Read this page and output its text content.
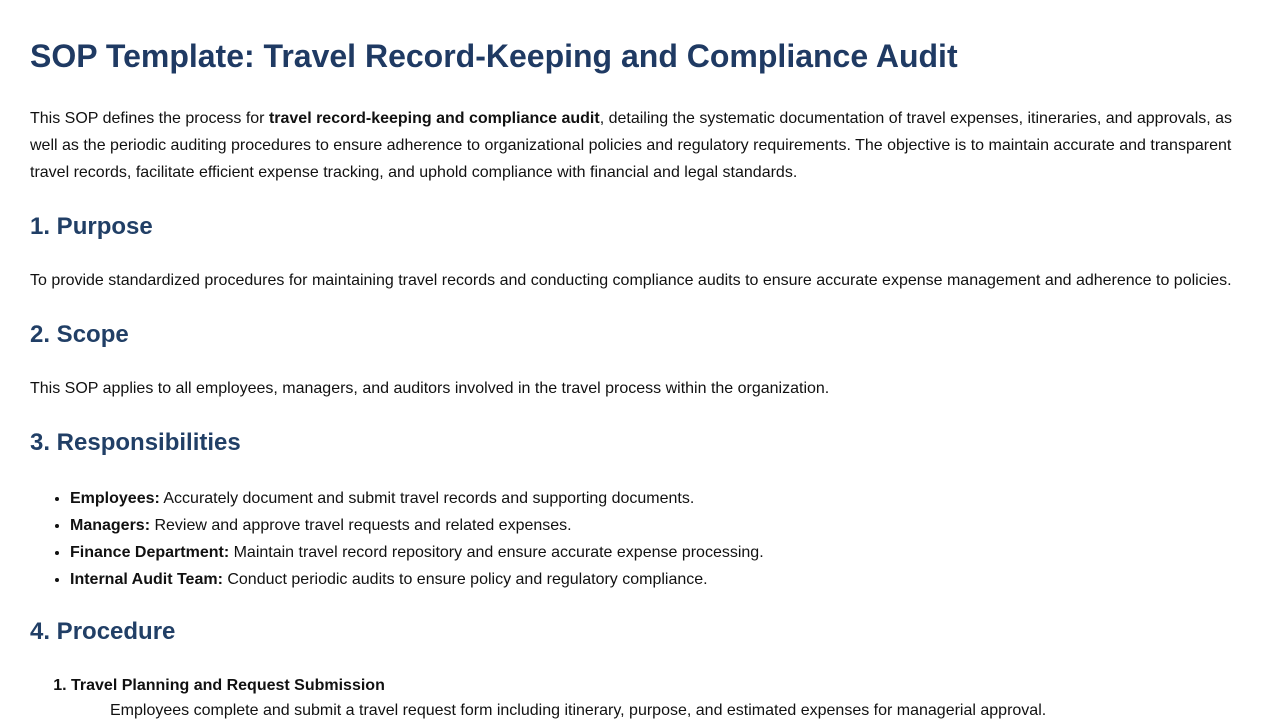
SOP Template: Travel Record-Keeping and Compliance Audit

This SOP defines the process for travel record-keeping and compliance audit, detailing the systematic documentation of travel expenses, itineraries, and approvals, as well as the periodic auditing procedures to ensure adherence to organizational policies and regulatory requirements. The objective is to maintain accurate and transparent travel records, facilitate efficient expense tracking, and uphold compliance with financial and legal standards.

1. Purpose

To provide standardized procedures for maintaining travel records and conducting compliance audits to ensure accurate expense management and adherence to policies.

2. Scope

This SOP applies to all employees, managers, and auditors involved in the travel process within the organization.

3. Responsibilities
• Employees: Accurately document and submit travel records and supporting documents.
• Managers: Review and approve travel requests and related expenses.
• Finance Department: Maintain travel record repository and ensure accurate expense processing.
• Internal Audit Team: Conduct periodic audits to ensure policy and regulatory compliance.
4. Procedure
1. Travel Planning and Request Submission
Employees complete and submit a travel request form including itinerary, purpose, and estimated expenses for managerial approval.
